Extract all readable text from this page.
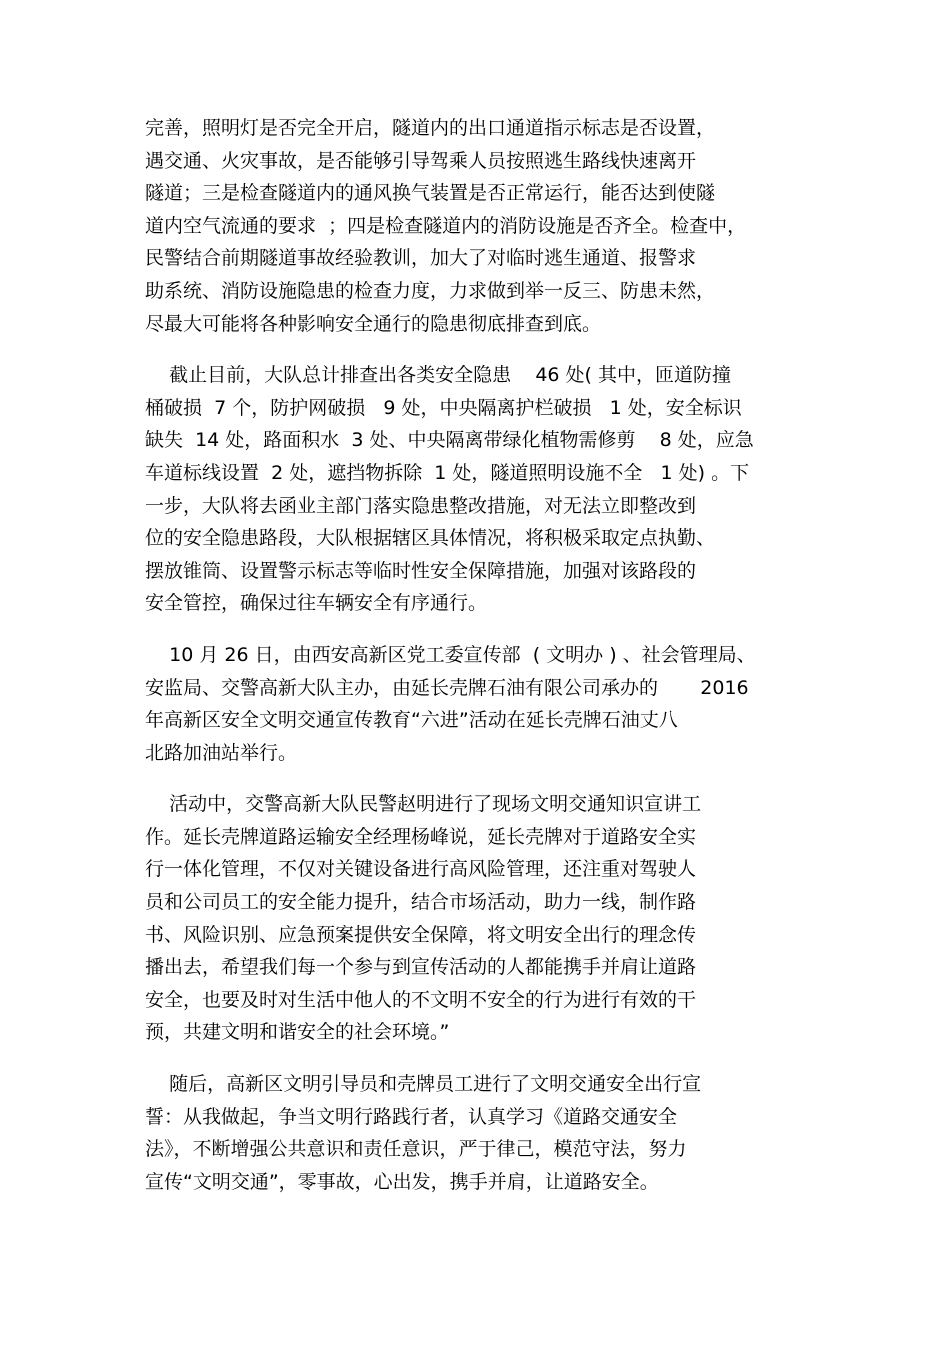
完善，照明灯是否完全开启，隧道内的出口通道指示标志是否设置，
遇交通、火灾事故，是否能够引导驾乘人员按照逃生路线快速离开
隧道；三是检查隧道内的通风换气装置是否正常运行，能否达到使隧
道内空气流通的要求  ；四是检查隧道内的消防设施是否齐全。检查中，
民警结合前期隧道事故经验教训，加大了对临时逃生通道、报警求
助系统、消防设施隐患的检查力度，力求做到举一反三、防患未然，
尽最大可能将各种影响安全通行的隐患彻底排查到底。

截止目前，大队总计排查出各类安全隐患    46 处( 其中，匝道防撞
桶破损  7 个，防护网破损   9 处，中央隔离护栏破损   1 处，安全标识
缺失  14 处，路面积水  3 处、中央隔离带绿化植物需修剪    8 处，应急
车道标线设置  2 处，遮挡物拆除  1 处，隧道照明设施不全   1 处) 。下
一步，大队将去函业主部门落实隐患整改措施，对无法立即整改到
位的安全隐患路段，大队根据辖区具体情况，将积极采取定点执勤、
摆放锥筒、设置警示标志等临时性安全保障措施，加强对该路段的
安全管控，确保过往车辆安全有序通行。

10 月 26 日，由西安高新区党工委宣传部  ( 文明办 ) 、社会管理局、
安监局、交警高新大队主办，由延长壳牌石油有限公司承办的       2016
年高新区安全文明交通宣传教育“六进”活动在延长壳牌石油丈八
北路加油站举行。

活动中，交警高新大队民警赵明进行了现场文明交通知识宣讲工
作。延长壳牌道路运输安全经理杨峰说，延长壳牌对于道路安全实
行一体化管理，不仅对关键设备进行高风险管理，还注重对驾驶人
员和公司员工的安全能力提升，结合市场活动，助力一线，制作路
书、风险识别、应急预案提供安全保障，将文明安全出行的理念传
播出去，希望我们每一个参与到宣传活动的人都能携手并肩让道路
安全，也要及时对生活中他人的不文明不安全的行为进行有效的干
预，共建文明和谐安全的社会环境。”

随后，高新区文明引导员和壳牌员工进行了文明交通安全出行宣
誓：从我做起，争当文明行路践行者，认真学习《道路交通安全
法》，不断增强公共意识和责任意识，严于律己，模范守法，努力
宣传“文明交通”，零事故，心出发，携手并肩，让道路安全。
